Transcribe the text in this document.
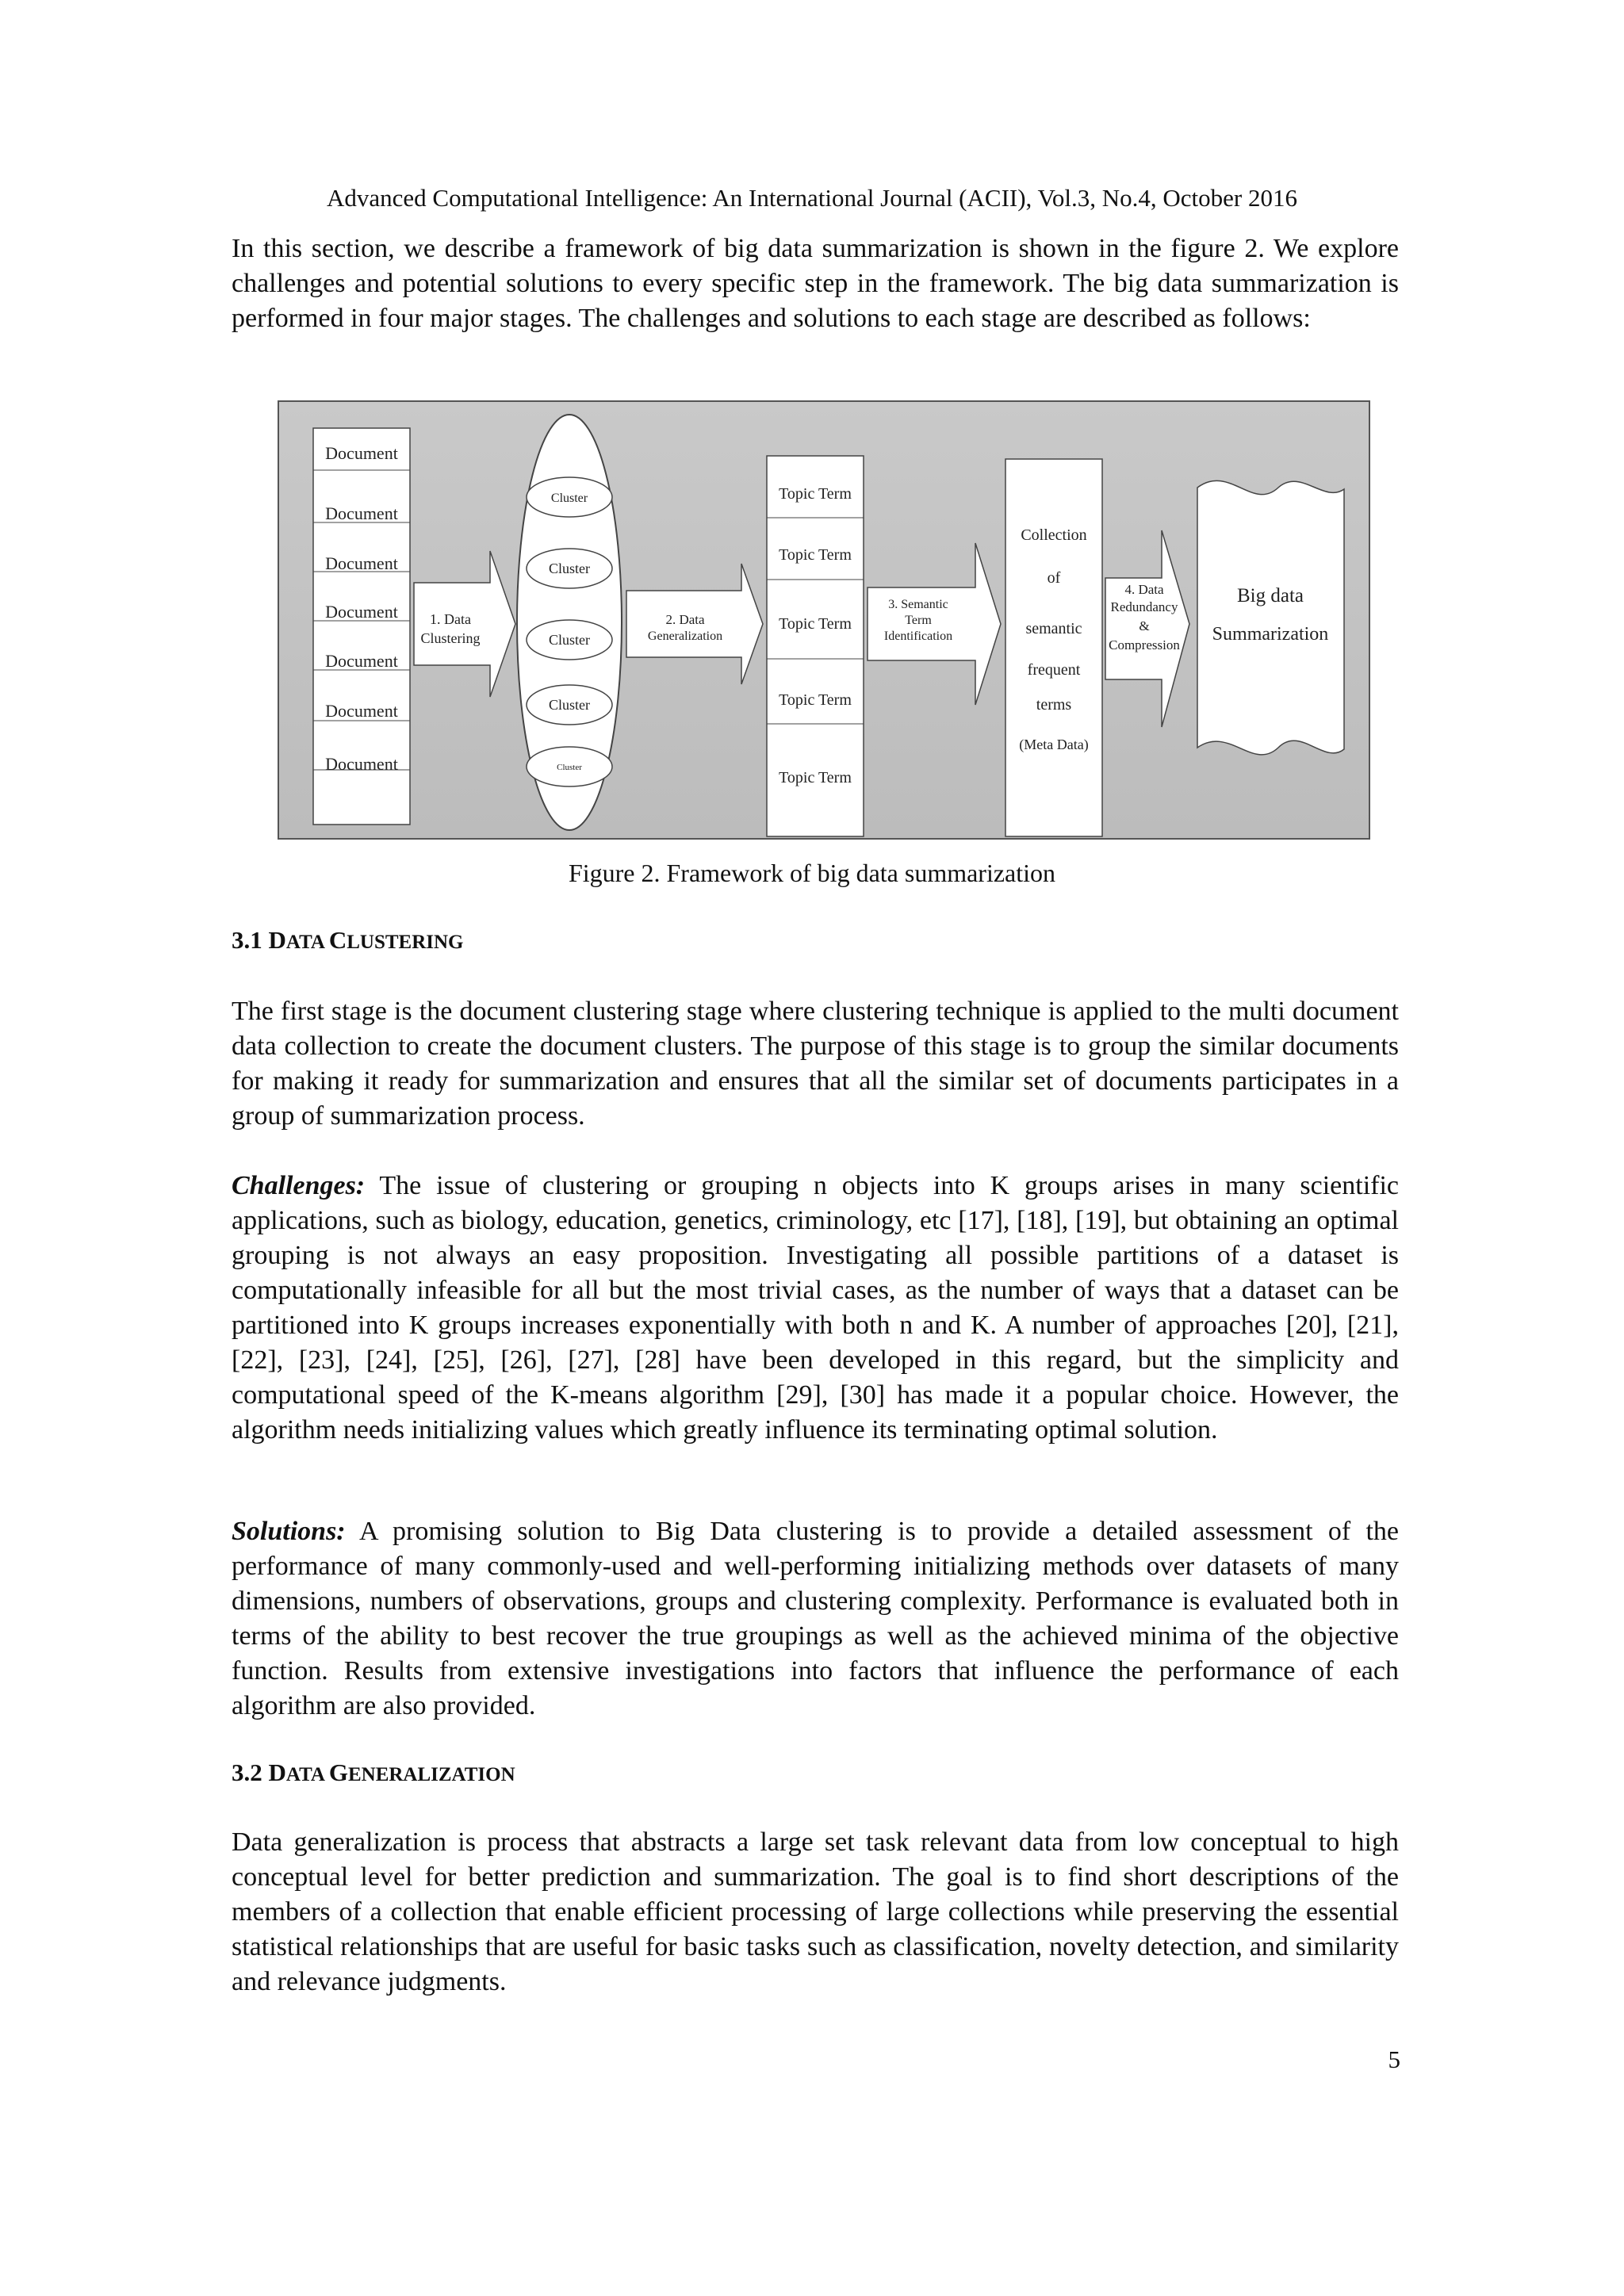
Advanced Computational Intelligence: An International Journal (ACII), Vol.3, No.4, October 2016

In this section, we describe a framework of big data summarization is shown in the figure 2. We explore challenges and potential solutions to every specific step in the framework. The big data summarization is performed in four major stages. The challenges and solutions to each stage are described as follows:

Document
Document
Document
Document
Document
Document
Document
1. Data
Clustering
Cluster
Cluster
Cluster
Cluster
Cluster
2. Data
Generalization
Topic Term
Topic Term
Topic Term
Topic Term
Topic Term
3. Semantic
Term
Identification
Collection
of
semantic
frequent
terms
(Meta Data)
4. Data
Redundancy
&
Compression
Big data
Summarization
Figure 2. Framework of big data summarization
3.1 DATA CLUSTERING

The first stage is the document clustering stage where clustering technique is applied to the multi document data collection to create the document clusters. The purpose of this stage is to group the similar documents for making it ready for summarization and ensures that all the similar set of documents participates in a group of summarization process.

Challenges: The issue of clustering or grouping n objects into K groups arises in many scientific applications, such as biology, education, genetics, criminology, etc [17], [18], [19], but obtaining an optimal grouping is not always an easy proposition. Investigating all possible partitions of a dataset is computationally infeasible for all but the most trivial cases, as the number of ways that a dataset can be partitioned into K groups increases exponentially with both n and K. A number of approaches [20], [21], [22], [23], [24], [25], [26], [27], [28] have been developed in this regard, but the simplicity and computational speed of the K-means algorithm [29], [30] has made it a popular choice. However, the algorithm needs initializing values which greatly influence its terminating optimal solution.

Solutions: A promising solution to Big Data clustering is to provide a detailed assessment of the performance of many commonly-used and well-performing initializing methods over datasets of many dimensions, numbers of observations, groups and clustering complexity. Performance is evaluated both in terms of the ability to best recover the true groupings as well as the achieved minima of the objective function. Results from extensive investigations into factors that influence the performance of each algorithm are also provided.

3.2 DATA GENERALIZATION

Data generalization is process that abstracts a large set task relevant data from low conceptual to high conceptual level for better prediction and summarization. The goal is to find short descriptions of the members of a collection that enable efficient processing of large collections while preserving the essential statistical relationships that are useful for basic tasks such as classification, novelty detection, and similarity and relevance judgments.

5
